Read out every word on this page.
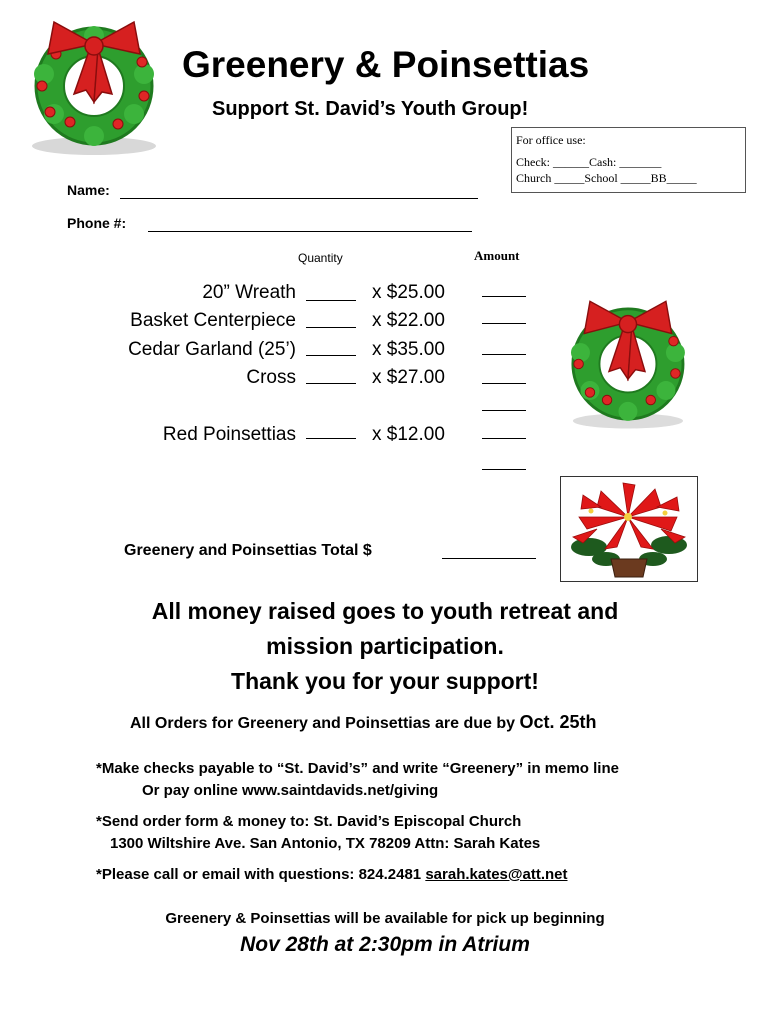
Greenery & Poinsettias
Support St. David’s Youth Group!
For office use:
Check: ______Cash: _______
Church _____School _____BB_____
Name:
Phone #:
Quantity	Amount
20” Wreath	x $25.00
Basket Centerpiece	x $22.00
Cedar Garland (25’)	x $35.00
Cross	x $27.00
Red Poinsettias	x $12.00
Greenery and Poinsettias Total $
All money raised goes to youth retreat and
mission participation.
Thank you for your support!
All Orders for Greenery and Poinsettias are due by Oct. 25th
*Make checks payable to “St. David’s” and write “Greenery” in memo line
Or pay online www.saintdavids.net/giving
*Send order form & money to: St. David’s Episcopal Church
1300 Wiltshire Ave. San Antonio, TX 78209 Attn: Sarah Kates
*Please call or email with questions: 824.2481 sarah.kates@att.net
Greenery & Poinsettias will be available for pick up beginning
Nov 28th at 2:30pm in Atrium
